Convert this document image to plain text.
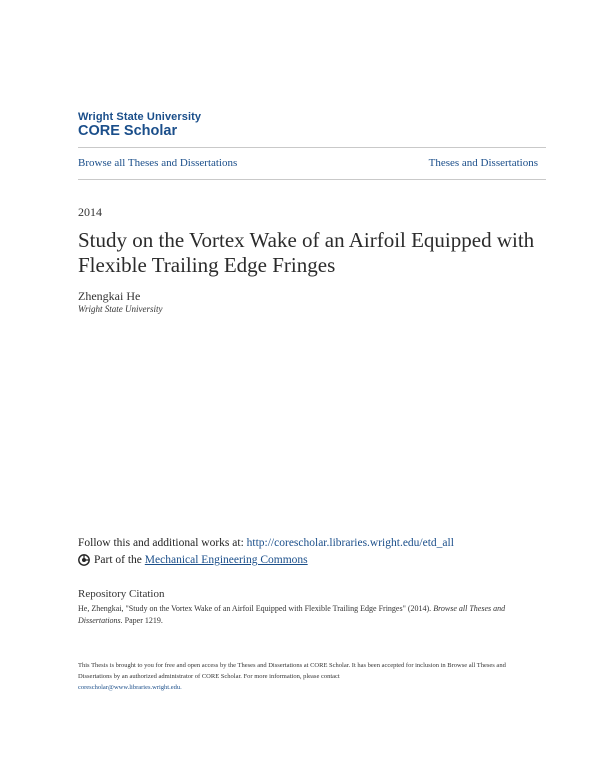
Wright State University
CORE Scholar
Browse all Theses and Dissertations	Theses and Dissertations
2014
Study on the Vortex Wake of an Airfoil Equipped with Flexible Trailing Edge Fringes
Zhengkai He
Wright State University
Follow this and additional works at: http://corescholar.libraries.wright.edu/etd_all
Part of the Mechanical Engineering Commons
Repository Citation
He, Zhengkai, "Study on the Vortex Wake of an Airfoil Equipped with Flexible Trailing Edge Fringes" (2014). Browse all Theses and Dissertations. Paper 1219.
This Thesis is brought to you for free and open access by the Theses and Dissertations at CORE Scholar. It has been accepted for inclusion in Browse all Theses and Dissertations by an authorized administrator of CORE Scholar. For more information, please contact
corescholar@www.libraries.wright.edu.
